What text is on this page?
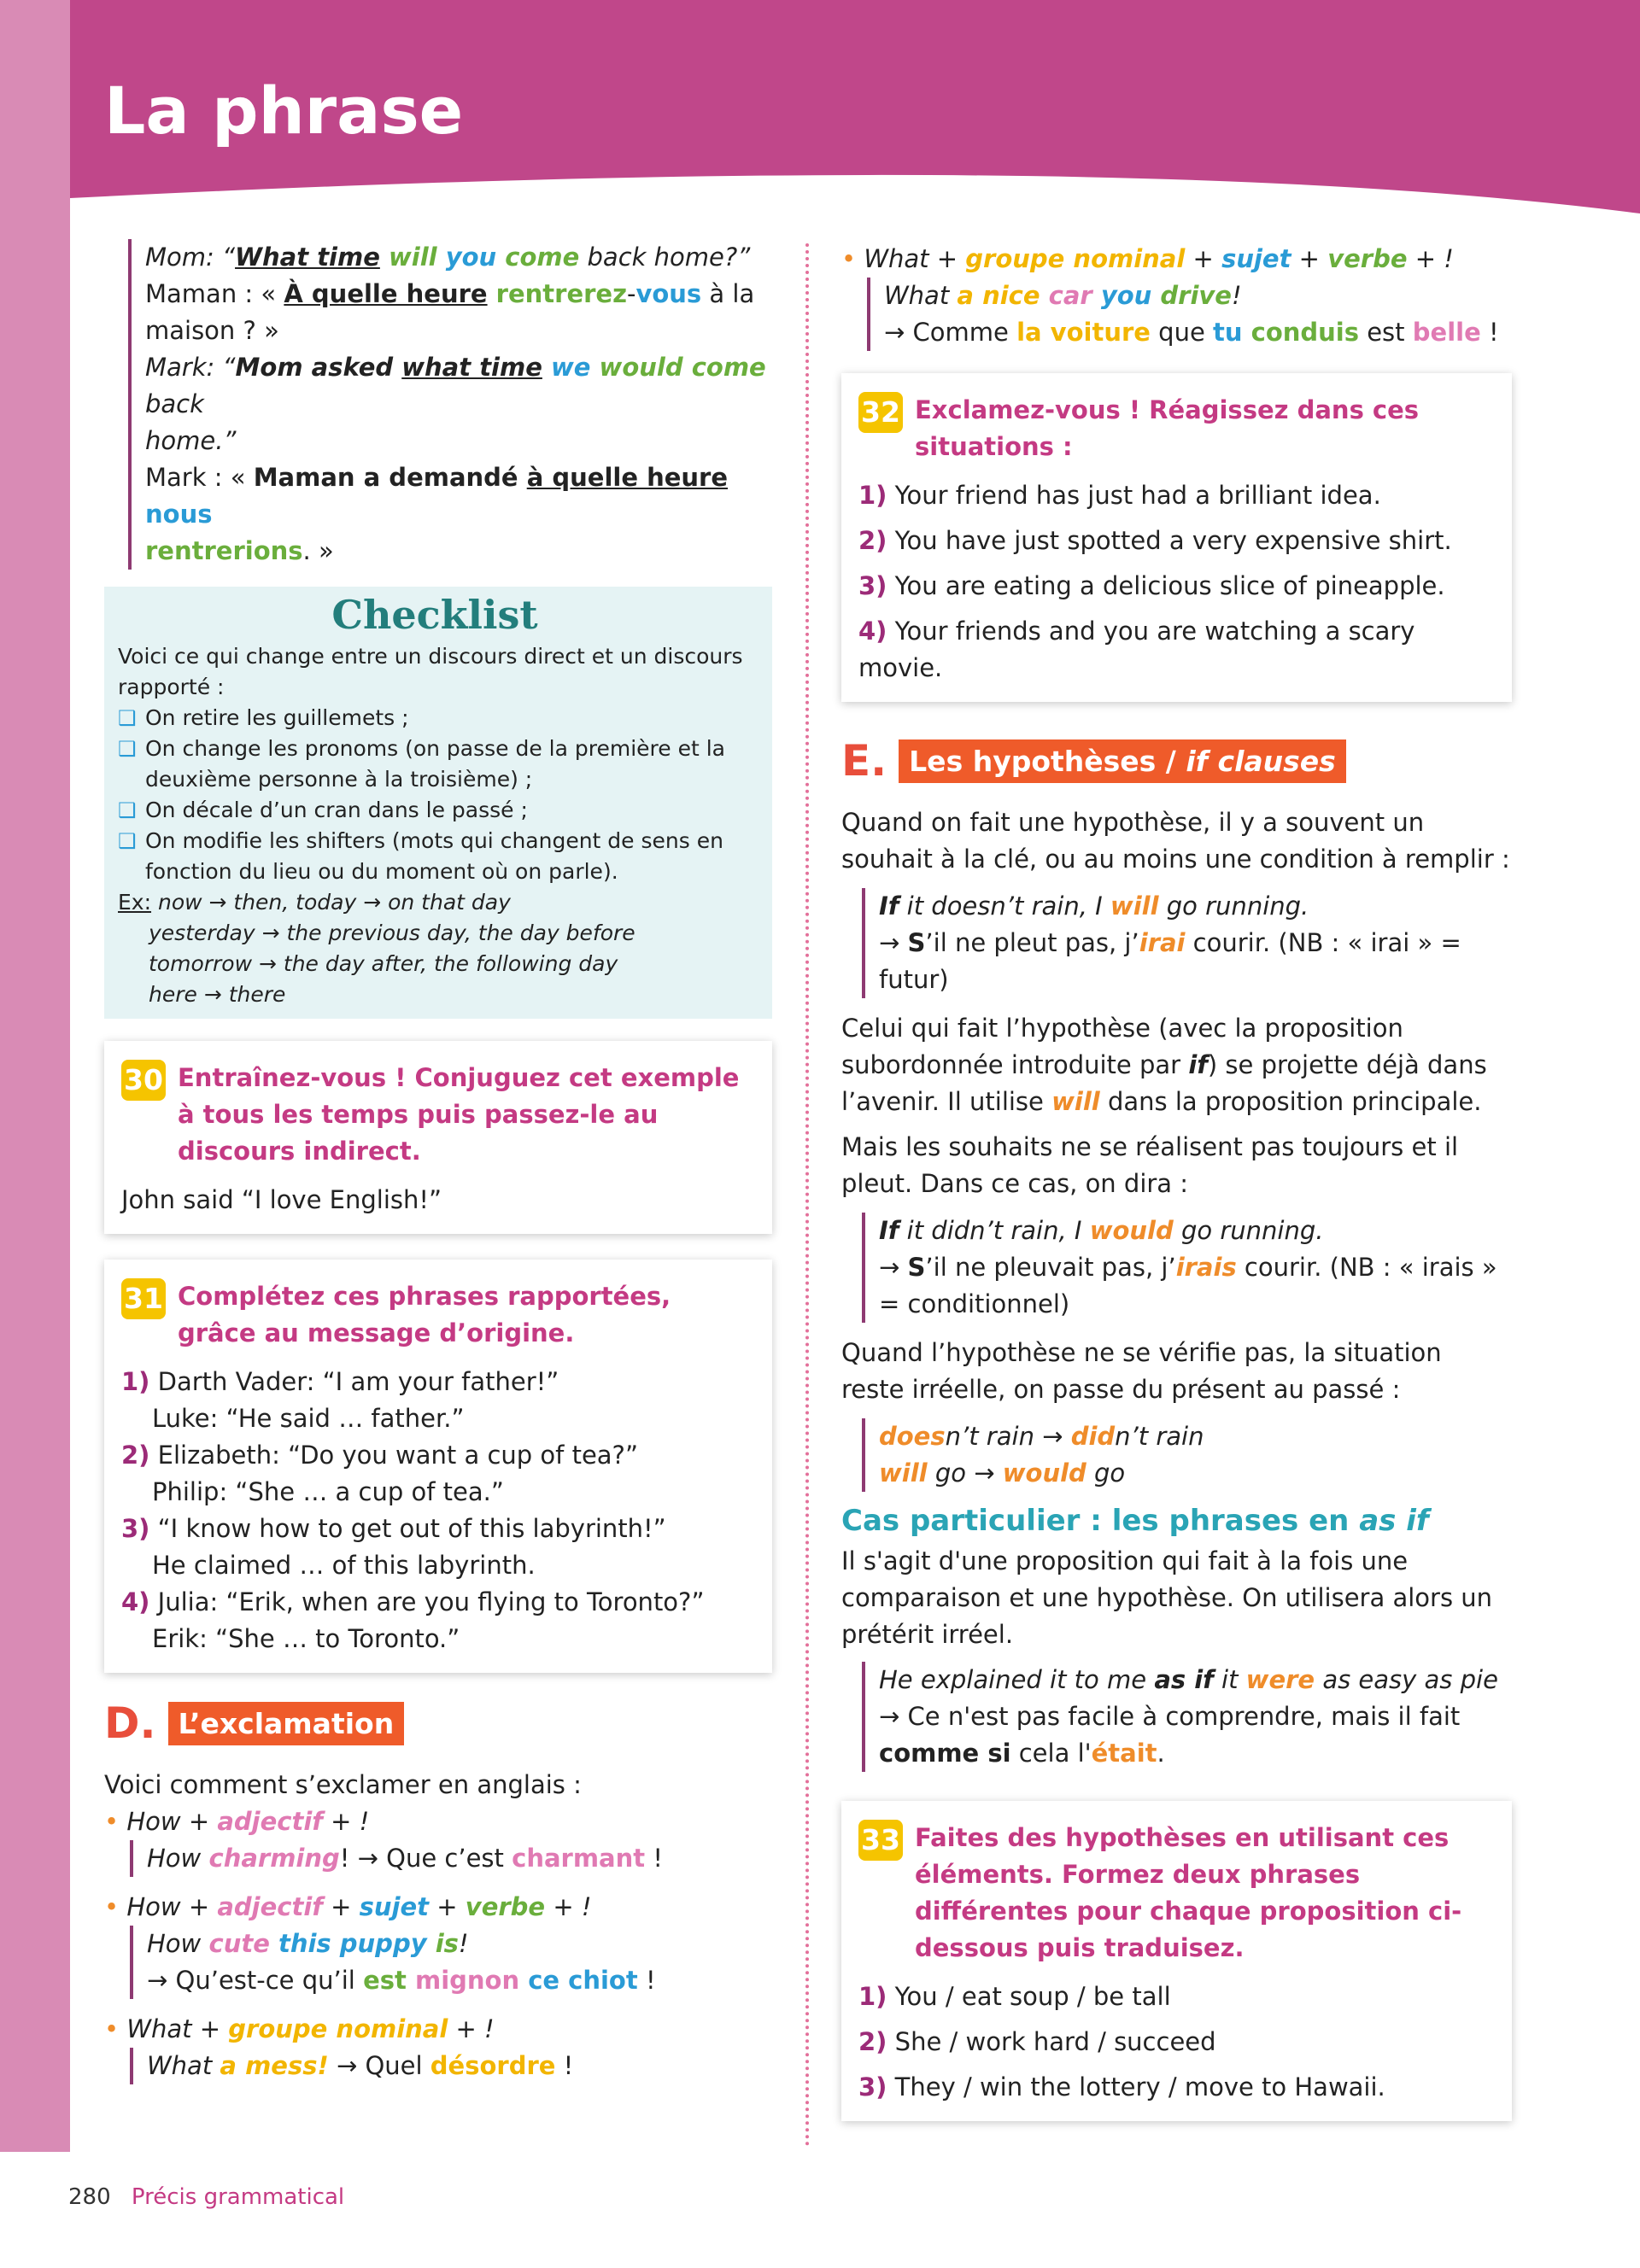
La phrase

Mom: “What time will you come back home?”

Maman : « À quelle heure rentrerez-vous à la

maison ? »

Mark: “Mom asked what time we would come back

home.”

Mark : « Maman a demandé à quelle heure nous

rentrerions. »

Checklist

Voici ce qui change entre un discours direct et un discours rapporté :

❑ On retire les guillemets ;

❑ On change les pronoms (on passe de la première et la deuxième personne à la troisième) ;

❑ On décale d’un cran dans le passé ;

❑ On modifie les shifters (mots qui changent de sens en fonction du lieu ou du moment où on parle).

Ex: now → then, today → on that day

yesterday → the previous day, the day before

tomorrow → the day after, the following day

here → there

30 Entraînez-vous ! Conjuguez cet exemple à tous les temps puis passez-le au discours indirect.

John said “I love English!”

31 Complétez ces phrases rapportées, grâce au message d’origine.

1) Darth Vader: “I am your father!”

Luke: “He said … father.”

2) Elizabeth: “Do you want a cup of tea?”

Philip: “She … a cup of tea.”

3) “I know how to get out of this labyrinth!”

He claimed … of this labyrinth.

4) Julia: “Erik, when are you flying to Toronto?”

Erik: “She … to Toronto.”

D. L’exclamation

Voici comment s’exclamer en anglais :

• How + adjectif + !

How charming! → Que c’est charmant !

• How + adjectif + sujet + verbe + !

How cute this puppy is!

→ Qu’est-ce qu’il est mignon ce chiot !

• What + groupe nominal + !

What a mess! → Quel désordre !

• What + groupe nominal + sujet + verbe + !

What a nice car you drive!

→ Comme la voiture que tu conduis est belle !

32 Exclamez-vous ! Réagissez dans ces situations :

1) Your friend has just had a brilliant idea.

2) You have just spotted a very expensive shirt.

3) You are eating a delicious slice of pineapple.

4) Your friends and you are watching a scary movie.

E. Les hypothèses / if clauses

Quand on fait une hypothèse, il y a souvent un souhait à la clé, ou au moins une condition à remplir :

If it doesn’t rain, I will go running.

→ S’il ne pleut pas, j’irai courir. (NB : « irai » = futur)

Celui qui fait l’hypothèse (avec la proposition subordonnée introduite par if) se projette déjà dans l’avenir. Il utilise will dans la proposition principale.

Mais les souhaits ne se réalisent pas toujours et il pleut. Dans ce cas, on dira :

If it didn’t rain, I would go running.

→ S’il ne pleuvait pas, j’irais courir. (NB : « irais » = conditionnel)

Quand l’hypothèse ne se vérifie pas, la situation reste irréelle, on passe du présent au passé :

doesn’t rain → didn’t rain

will go → would go

Cas particulier : les phrases en as if

Il s'agit d'une proposition qui fait à la fois une comparaison et une hypothèse. On utilisera alors un prétérit irréel.

He explained it to me as if it were as easy as pie

→ Ce n'est pas facile à comprendre, mais il fait comme si cela l'était.

33 Faites des hypothèses en utilisant ces éléments. Formez deux phrases différentes pour chaque proposition ci-dessous puis traduisez.

1) You / eat soup / be tall

2) She / work hard / succeed

3) They / win the lottery / move to Hawaii.

280 Précis grammatical
